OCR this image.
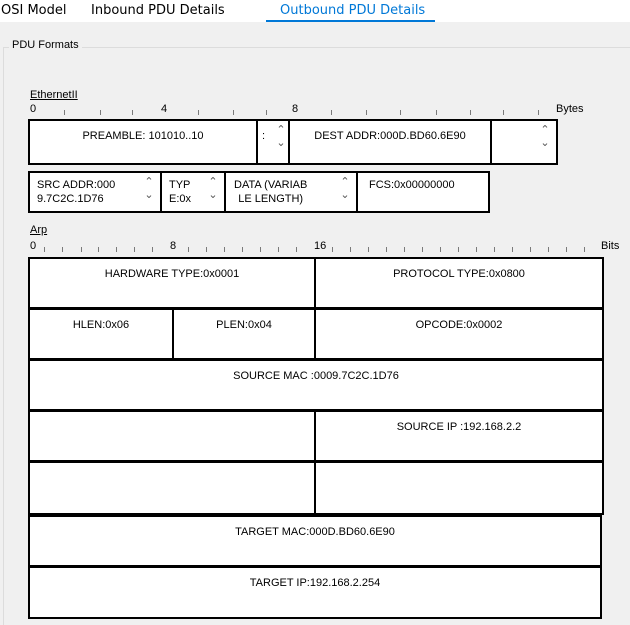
OSI Model Inbound PDU Details	Outbound PDU Details
PDU Formats
EthernetII
0	4	8	Bytes
PREAMBLE: 101010..10	: ⌃
⌄
DEST ADDR:000D.BD60.6E90	⌃
⌄
SRC ADDR:000
9.7C2C.1D76
⌃
⌄
TYP
E:0x
⌃
⌄
DATA (VARIAB
LE LENGTH)
⌃
⌄
FCS:0x00000000
Arp
0	8	16	Bits
HARDWARE TYPE:0x0001	PROTOCOL TYPE:0x0800
HLEN:0x06	PLEN:0x04	OPCODE:0x0002
SOURCE MAC :0009.7C2C.1D76
SOURCE IP :192.168.2.2
TARGET MAC:000D.BD60.6E90
TARGET IP:192.168.2.254
